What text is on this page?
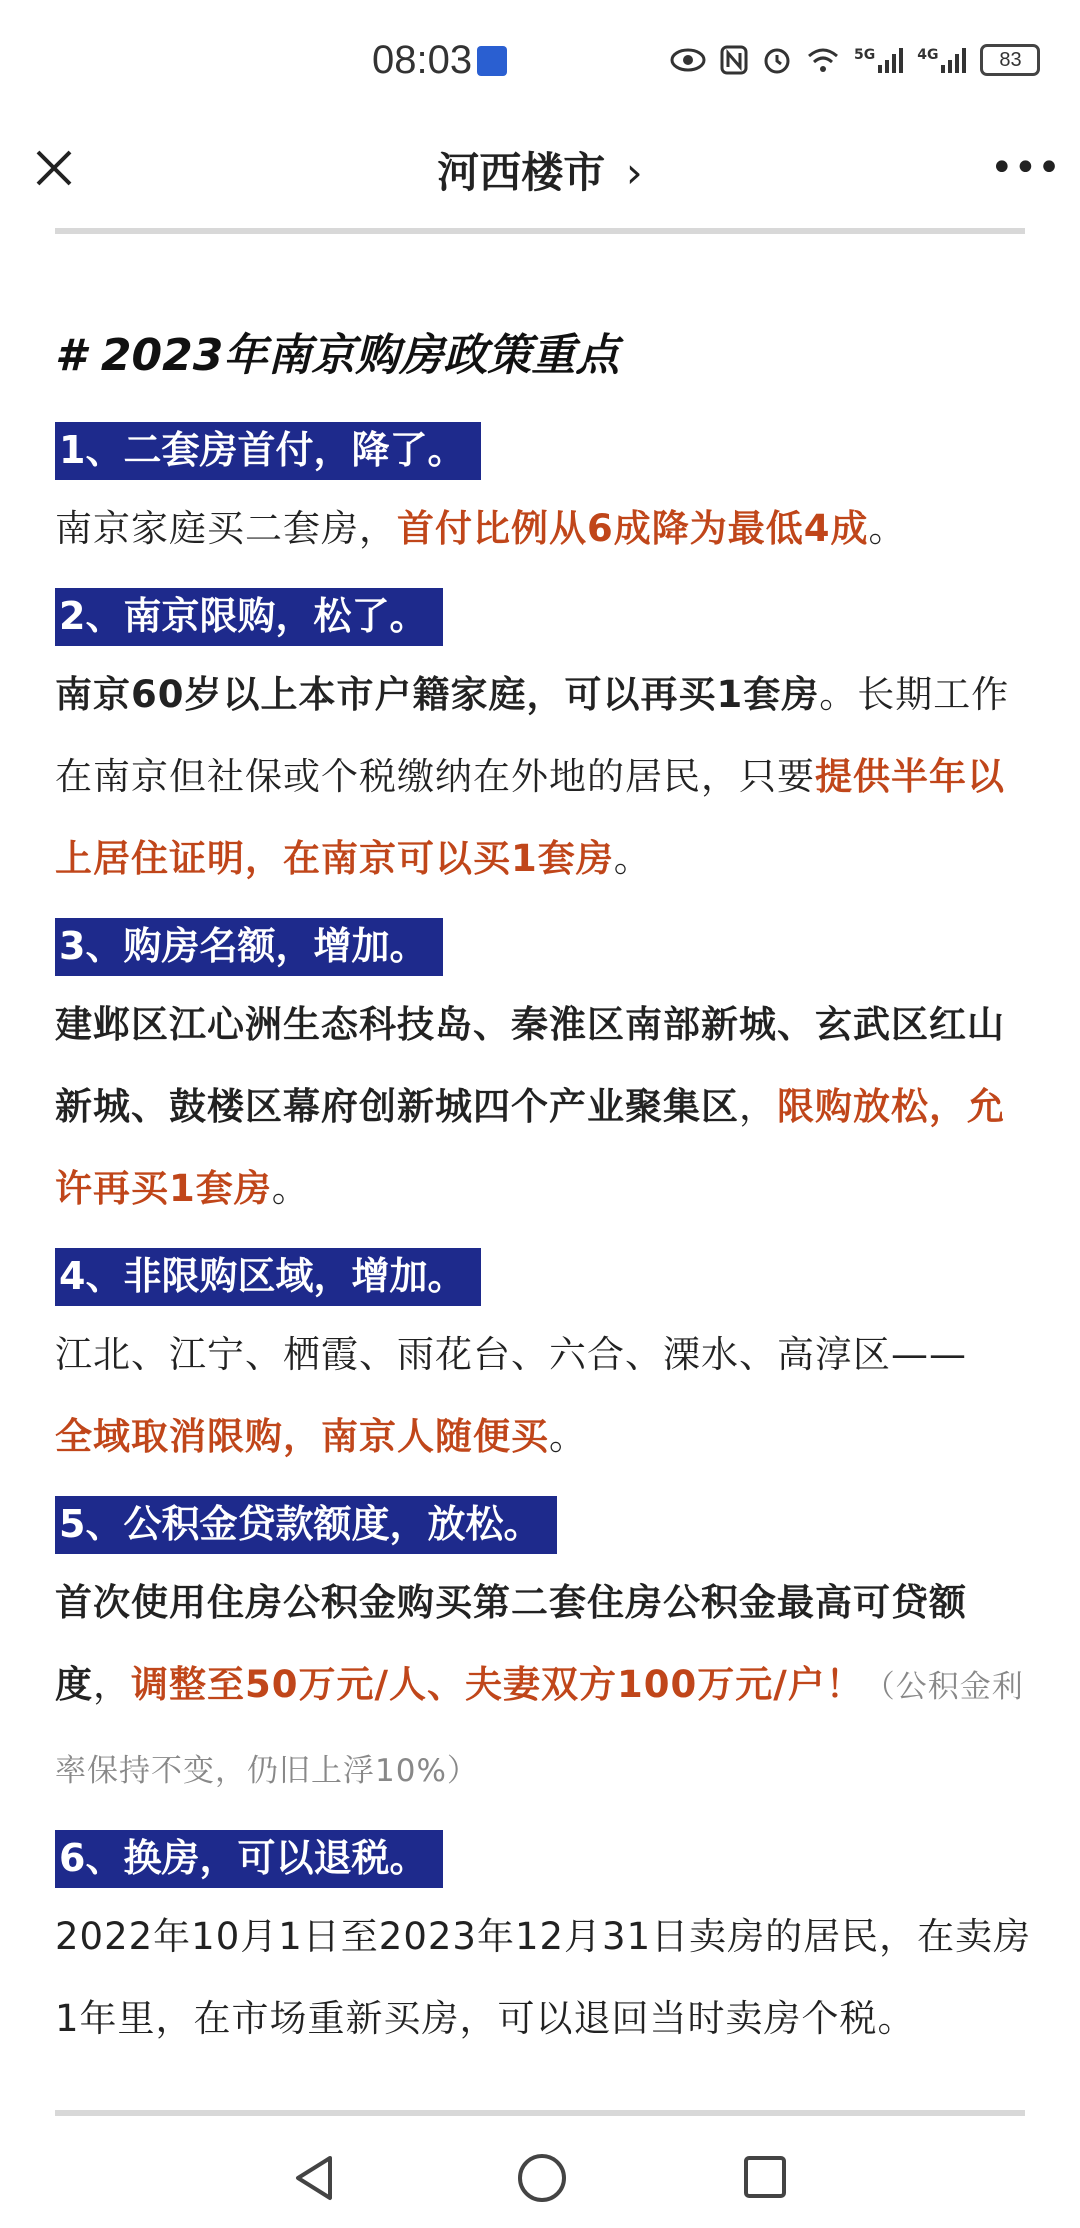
08:03	5G	4G	83
河西楼市 ›	•••
# 2023年南京购房政策重点
1、二套房首付，降了。
南京家庭买二套房，首付比例从6成降为最低4成。
2、南京限购，松了。
南京60岁以上本市户籍家庭，可以再买1套房。长期工作在南京但社保或个税缴纳在外地的居民，只要提供半年以上居住证明，在南京可以买1套房。
3、购房名额，增加。
建邺区江心洲生态科技岛、秦淮区南部新城、玄武区红山新城、鼓楼区幕府创新城四个产业聚集区，限购放松，允许再买1套房。
4、非限购区域，增加。
江北、江宁、栖霞、雨花台、六合、溧水、高淳区——
全域取消限购，南京人随便买。
5、公积金贷款额度，放松。
首次使用住房公积金购买第二套住房公积金最高可贷额度，调整至50万元/人、夫妻双方100万元/户！（公积金利率保持不变，仍旧上浮10%）
6、换房，可以退税。
2022年10月1日至2023年12月31日卖房的居民，在卖房1年里，在市场重新买房，可以退回当时卖房个税。
